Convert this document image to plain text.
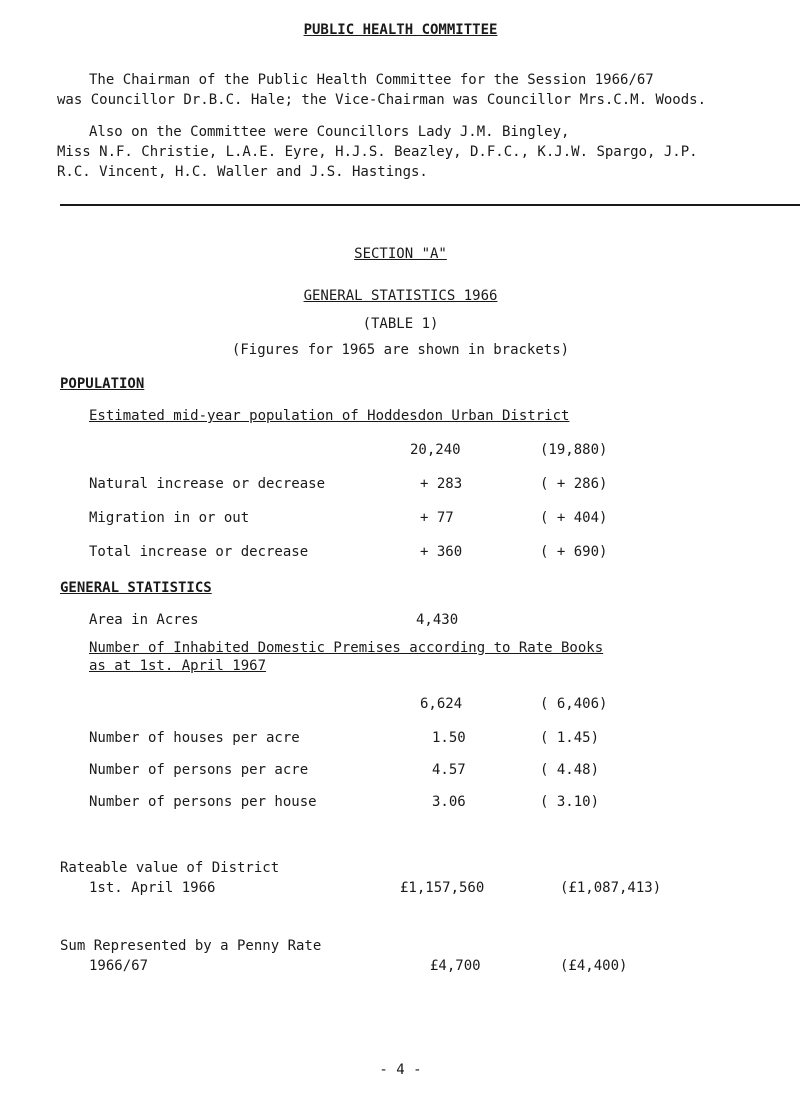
PUBLIC HEALTH COMMITTEE
The Chairman of the Public Health Committee for the Session 1966/67
was Councillor Dr.B.C. Hale; the Vice-Chairman was Councillor Mrs.C.M. Woods.
Also on the Committee were Councillors Lady J.M. Bingley,
Miss N.F. Christie, L.A.E. Eyre, H.J.S. Beazley, D.F.C., K.J.W. Spargo, J.P.
R.C. Vincent, H.C. Waller and J.S. Hastings.
SECTION "A"
GENERAL STATISTICS 1966
(TABLE 1)
(Figures for 1965 are shown in brackets)
POPULATION
Estimated mid-year population of Hoddesdon Urban District
20,240	(19,880)
Natural increase or decrease	+ 283	( + 286)
Migration in or out	+ 77	( + 404)
Total increase or decrease	+ 360	( + 690)
GENERAL STATISTICS
Area in Acres	4,430
Number of Inhabited Domestic Premises according to Rate Books
as at 1st. April 1967
6,624	( 6,406)
Number of houses per acre	1.50	( 1.45)
Number of persons per acre	4.57	( 4.48)
Number of persons per house	3.06	( 3.10)
Rateable value of District
1st. April 1966	£1,157,560	(£1,087,413)
Sum Represented by a Penny Rate
1966/67	£4,700	(£4,400)
- 4 -
